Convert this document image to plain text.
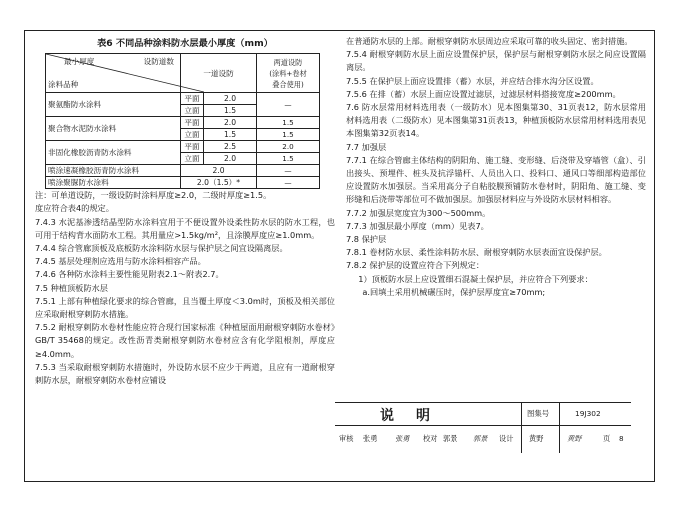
表6 不同品种涂料防水层最小厚度（mm）
最小厚度 设防道数
涂料品种	一道设防		两道设防
(涂料+卷材
叠合使用)
聚氨酯防水涂料	平面	2.0	—
	立面	1.5	
聚合物水泥防水涂料	平面	2.0	1.5
	立面	1.5	1.5
非固化橡胶沥青防水涂料	平面	2.5	2.0
	立面	2.0	1.5
喷涂速凝橡胶沥青防水涂料	2.0		—
喷涂聚脲防水涂料	2.0（1.5）*		—

注：可单道设防，一级设防时涂料厚度≥2.0，二级时厚度≥1.5。

度应符合表4的规定。

7.4.3 水泥基渗透结晶型防水涂料宜用于不便设置外设柔性防水层的防水工程，也可用于结构背水面防水工程。其用量应>1.5kg/m²，且涂膜厚度应≥1.0mm。

7.4.4 综合管廊顶板及底板防水涂料防水层与保护层之间宜设隔离层。

7.4.5 基层处理剂应选用与防水涂料相容产品。

7.4.6 各种防水涂料主要性能见附表2.1～附表2.7。

7.5 种植顶板防水层

7.5.1 上部有种植绿化要求的综合管廊，且当覆土厚度＜3.0m时，顶板及相关部位应采取耐根穿刺防水措施。

7.5.2 耐根穿刺防水卷材性能应符合现行国家标准《种植屋面用耐根穿刺防水卷材》GB/T 35468的规定。改性沥青类耐根穿刺防水卷材应含有化学阻根剂，厚度应≥4.0mm。

7.5.3 当采取耐根穿刺防水措施时，外设防水层不应少于两道，且应有一道耐根穿刺防水层，耐根穿刺防水卷材应铺设

在普通防水层的上部。耐根穿刺防水层周边应采取可靠的收头固定、密封措施。

7.5.4 耐根穿刺防水层上面应设置保护层，保护层与耐根穿刺防水层之间应设置隔离层。

7.5.5 在保护层上面应设置排（蓄）水层，并应结合排水沟分区设置。

7.5.6 在排（蓄）水层上面应设置过滤层，过滤层材料搭接宽度≥200mm。

7.6 防水层常用材料选用表（一级防水）见本图集第30、31页表12，防水层常用材料选用表（二级防水）见本图集第31页表13，种植顶板防水层常用材料选用表见本图集第32页表14。

7.7 加强层

7.7.1 在综合管廊主体结构的阴阳角、施工缝、变形缝、后浇带及穿墙管（盒）、引出接头、预埋件、桩头及抗浮锚杆、人员出入口、投料口、通风口等细部构造部位应设置防水加强层。当采用高分子自粘胶膜预铺防水卷材时，阴阳角、施工缝、变形缝和后浇带等部位可不做加强层。加强层材料应与外设防水层材料相容。

7.7.2 加强层宽度宜为300～500mm。

7.7.3 加强层最小厚度（mm）见表7。

7.8 保护层

7.8.1 卷材防水层、柔性涂料防水层、耐根穿刺防水层表面宜设保护层。

7.8.2 保护层的设置应符合下列规定：

1）顶板防水层上应设置细石混凝土保护层，并应符合下列要求：

a.回填土采用机械碾压时，保护层厚度宜≥70mm;

说明	图集号	19J302
审核 张勇 张勇 校对 郭景 郭景 设计 黄野	黄野	页 8
